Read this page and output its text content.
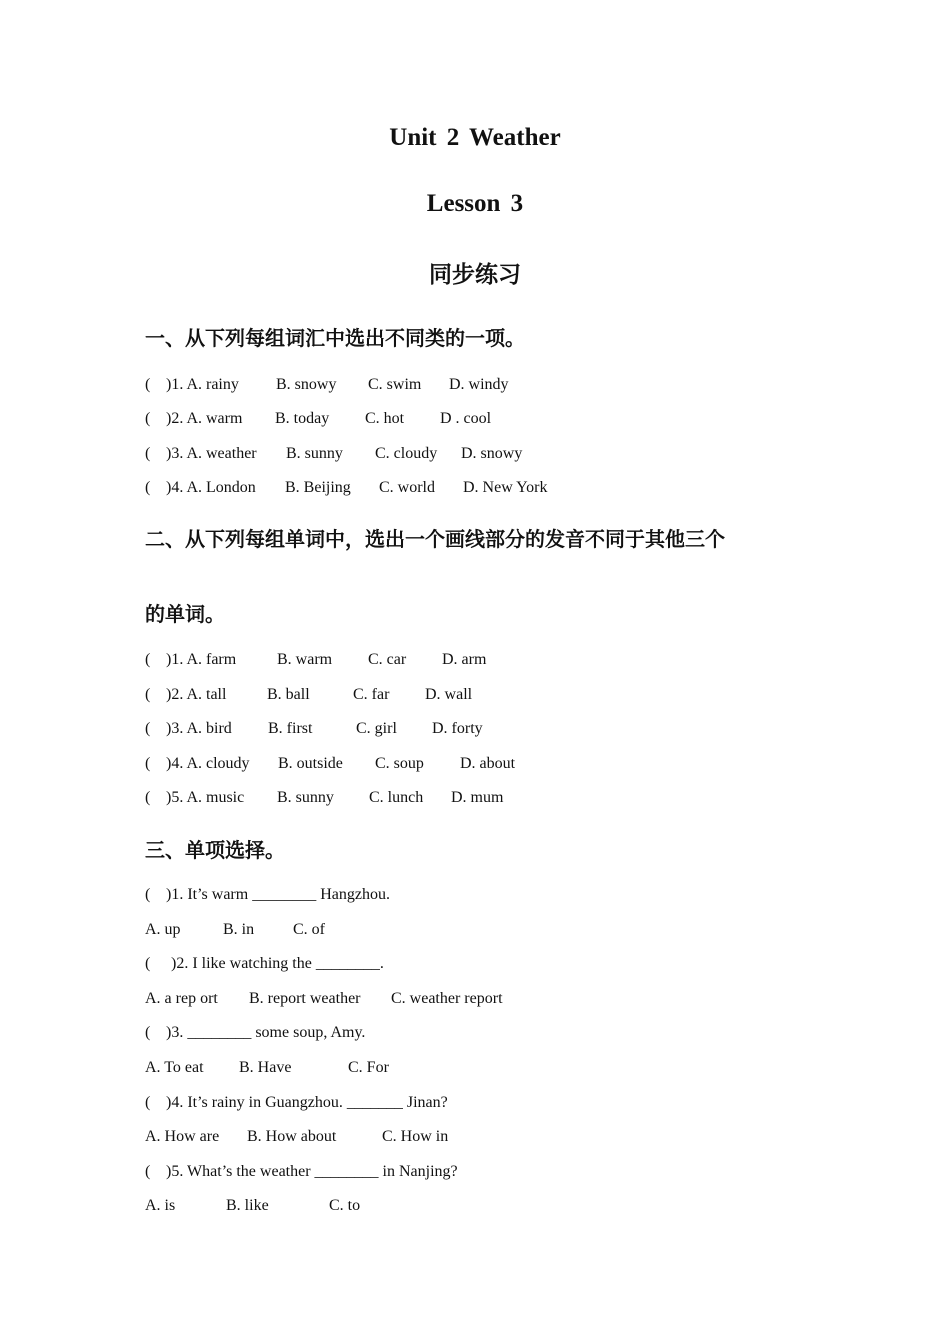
Unit 2 Weather
Lesson 3
同步练习
一、从下列每组词汇中选出不同类的一项。
( )1. A. rainy B. snowy C. swim D. windy
( )2. A. warm B. today C. hot D . cool
( )3. A. weather B. sunny C. cloudy D. snowy
( )4. A. London B. Beijing C. world D. New York
二、从下列每组单词中，选出一个画线部分的发音不同于其他三个
的单词。
( )1. A. farm	B. warm C. car D. arm
( )2. A. tall	B. ball	C. far D. wall
( )3. A. bird B. first	C. girl D. forty
( )4. A. cloudy B. outside C. soup D. about
( )5. A. music B. sunny C. lunch D. mum
三、单项选择。
( )1. It’s warm ________ Hangzhou.
A. up	B. in C. of
( )2. I like watching the ________.
A. a rep ort B. report weather C. weather report
( )3. ________ some soup, Amy.
A. To eat B. Have	C. For
( )4. It’s rainy in Guangzhou. _______ Jinan?
A. How are B. How about	C. How in
( )5. What’s the weather ________ in Nanjing?
A. is	B. like	C. to
